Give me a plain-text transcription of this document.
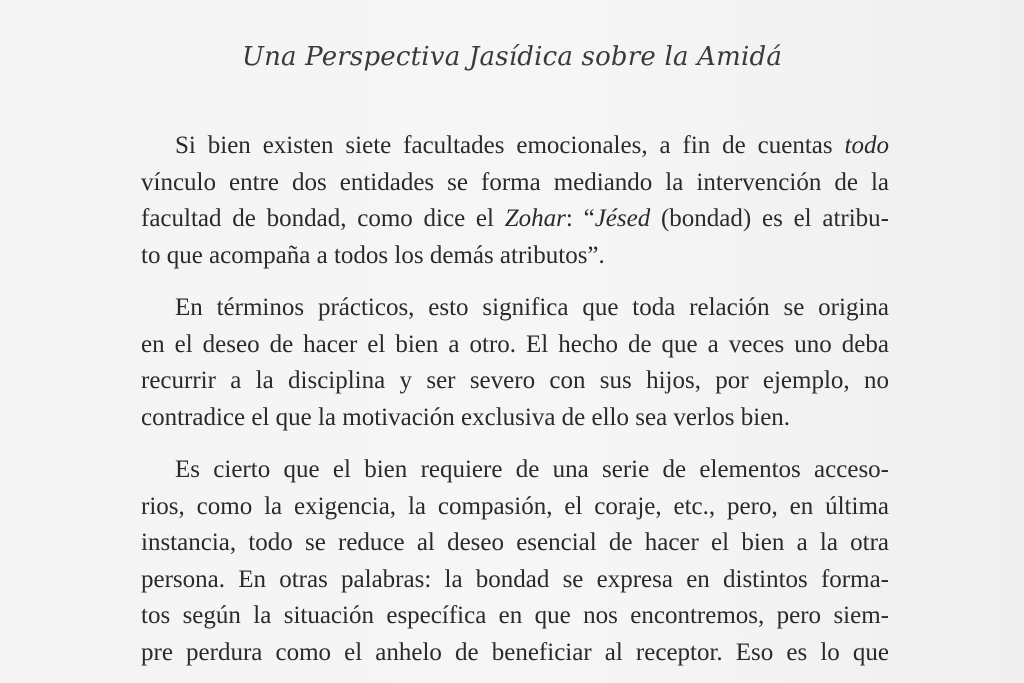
Una Perspectiva Jasídica sobre la Amidá

Si bien existen siete facultades emocionales, a fin de cuentas todo
vínculo entre dos entidades se forma mediando la intervención de la
facultad de bondad, como dice el Zohar: “Jésed (bondad) es el atribu-
to que acompaña a todos los demás atributos”.

En términos prácticos, esto significa que toda relación se origina
en el deseo de hacer el bien a otro. El hecho de que a veces uno deba
recurrir a la disciplina y ser severo con sus hijos, por ejemplo, no
contradice el que la motivación exclusiva de ello sea verlos bien.

Es cierto que el bien requiere de una serie de elementos acceso-
rios, como la exigencia, la compasión, el coraje, etc., pero, en última
instancia, todo se reduce al deseo esencial de hacer el bien a la otra
persona. En otras palabras: la bondad se expresa en distintos forma-
tos según la situación específica en que nos encontremos, pero siem-
pre perdura como el anhelo de beneficiar al receptor. Eso es lo que
